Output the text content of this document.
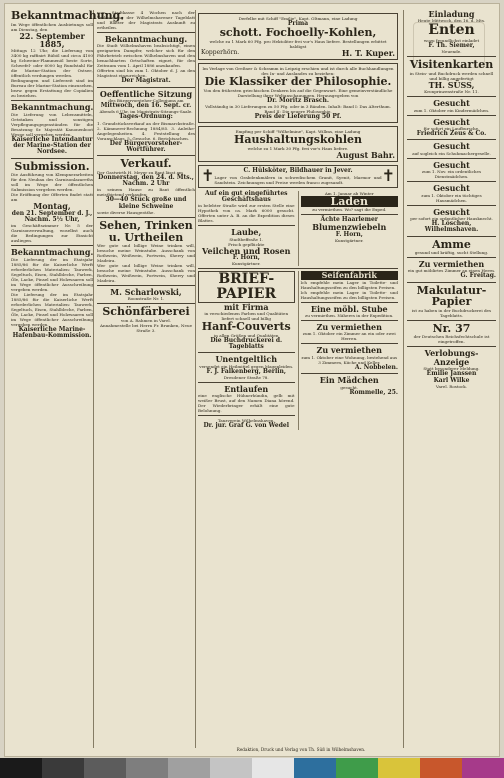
Bekanntmachung.

Im Wege öffentlichen Ausbietungs soll am Dienstag, den

22. September 1885,

Mittags 12 Uhr, die Lieferung von 3400 kg raffinirt Rüböl und circa 4100 kg Schweine-Flammenöl beste Sorte, Schwefel- oder 6000 kg Rundstahl für die Marine-Station der Ostsee, öffentlich verdungen werden.

Bedingungen und Lieferzeit sind im Bureau der Marine-Station einzusehen, bezw. gegen Erstattung der Copialien zu beziehen.

Bekanntmachung.

Die Lieferung von Lebensmitteln, Getränken und sonstigen Verpflegungsgegenständen für die Besatzung Sr. Majestät Kanonenboot Wespe soll vergeben werden.

Kaiserliche Intendantur der Marine-Station der Nordsee.
Submission.

Die Ausführung von Klempnerarbeiten für den Neubau des Garnisonlazareths soll im Wege der öffentlichen Submission vergeben werden.

Die Eröffnung der Offerten findet statt am

Montag,
den 21. September d. J.,
Nachm. 5½ Uhr,

im Geschäftszimmer Nr. 5 der Garnisonverwaltung, woselbst auch die Bedingungen zur Einsicht ausliegen.

Bekanntmachung.

Die Lieferung der im Etatsjahr 1885/86 für die Kaiserliche Werft erforderlichen Materialien: Tauwerk, Segeltuch, Eisen, Stahlbleche, Farben, Öle, Lacke, Pinsel und Holzwaaren soll im Wege öffentlicher Ausschreibung vergeben werden.

Die Lieferung der im Etatsjahr 1885/86 für die Kaiserliche Werft erforderlichen Materialien: Tauwerk, Segeltuch, Eisen, Stahlbleche, Farben, Öle, Lacke, Pinsel und Holzwaaren soll im Wege öffentlicher Ausschreibung vergeben werden.

Kaiserliche Marine-Hafenbau-Kommission.

vom Stadtkasse 4 Wochen nach der Verhandlung der Wilhelmshavener Tageblatt und Blätter der Magistrats Auskunft zu ertheilen.

Bekanntmachung.

Die Stadt Wilhelmshaven beabsichtigt, einen geeigneten Dampfer, welcher sich für den Fährbetrieb zwischen Wilhelmshaven und den benachbarten Ortschaften eignet, für den Zeitraum vom 1. April 1886 anzukaufen.

Offerten sind bis zum 1. Oktober d. J. an den Magistrat einzureichen.

Der Magistrat.
Oeffentliche Sitzung

des Bürgervorsteher-Collegiums am

Mittwoch, den 16. Sept. cr.

Abends 6 Uhr, im Magistrats-Sitzungs-Saale.

Tages-Ordnung:

1. Grundstücksverkauf an der Bismarckstraße. 2. Kämmerei-Rechnung 1884/85. 3. Anleihe-Angelegenheiten. 4. Feststellung des Voranschlags. 5. Gesuche. 6. Berichtsachen.

Der Bürgervorsteher-Wortführer.
Verkauf.

Der Gastwirth H. Meyer zu Bant lässt am

Donnerstag, den 24. d. Mts.,
Nachm. 2 Uhr

in seinem Hause zu Bant öffentlich meistbietend verkaufen:

30—40 Stück große und kleine Schweine

sowie diverse Hausgeräthe.

Sehen, Trinken u. Urtheilen

Wer gute und billige Weine trinken will, besuche meine Weinstube. Ausschank von Rothwein, Weißwein, Portwein, Sherry und Madeira.

Wer gute und billige Weine trinken will, besuche meine Weinstube. Ausschank von Rothwein, Weißwein, Portwein, Sherry und Madeira.

M. Scharlowski,

Roonstraße Nr. 1.

Schönfärberei

von A. Rahmen in Varel.

Annahmestelle bei Herrn Fr. Brunken, Neue Straße 3.

Derfelbe mit Schiff "Emilie", Kapt. Oltmann, eine Ladung

Prima
schott. Fochoelly-Kohlen,

welche zu 1 Mark 60 Pfg. pro Hektoliter frei vor's Haus liefere. Bestellungen erbittet baldigst

Kopperhörn.	H. T. Kuper.

Im Verlage von Greßner & Schramm in Leipzig erschien und ist durch alle Buchhandlungen des In- und Auslandes zu beziehen:

Die Klassiker der Philosophie.

Von den frühesten griechischen Denkern bis auf die Gegenwart. Eine gemeinverständliche Darstellung ihrer Weltanschauungen. Herausgegeben von

Dr. Moritz Brasch.

Vollständig in 30 Lieferungen zu 50 Pfg. oder in 3 Bänden. Inhalt: Band I: Das Alterthum. Band II: Die neuere Philosophie.

Preis der Lieferung 50 Pf.

Empfing per Schiff "Wilhelmine", Kapt. Willms, eine Ladung

Haushaltungskohlen

welche zu 1 Mark 30 Pfg. frei vor's Haus liefere.

August Bahr.
✝	C. Hülsköter, Bildhauer in Jever.

Lager von Grabdenkmälern in schwedischem Granit, Syenit, Marmor und Sandstein. Zeichnungen und Preise werden franco zugesandt.	✝
Auf ein gut eingeführtes Geschäftshaus

in belebter Straße wird zur ersten Stelle eine Hypothek von ca. Mark 6000 gesucht. Offerten unter A. B. an die Expedition dieses Blattes.

Laube,

Stadtbeffraße 1.

Frisch gepflückte

Veilchen und Rosen
F. Horn,

Kunstgärtner.

Am 1. Januar ab Winter

Laden

zu vermiethen. Wo? sagt die Exped.

Ächte Haarlemer
Blumenzwiebeln
F. Horn,

Kunstgärtner.

BRIEF-PAPIER
mit Firma

in verschiedenen Farben und Qualitäten liefert schnell und billig

Hanf-Couverts

in allen Größen und Qualitäten

Die Buchdruckerei d. Tageblatts
Unentgeltlich

versendet ein Heilmittel gegen Magenleiden.

F. J. Falkenberg, Berlin,

Dresdener Straße 78.

Entlaufen

eine englische Hühnerhündin, gelb mit weißer Brust, auf den Namen Diana hörend. Der Wiederbringer erhält eine gute Belohnung.

Tanzverein Wilhelmshaven.

Dr. jur. Graf G. von Wedel
Seifenfabrik

Ich empfehle mein Lager in Toilette- und Haushaltungsseifen zu den billigsten Preisen.

Ich empfehle mein Lager in Toilette- und Haushaltungsseifen zu den billigsten Preisen.

Eine möbl. Stube

zu vermiethen. Näheres in der Expedition.

Zu vermiethen

zum 1. Oktober ein Zimmer an ein oder zwei Herren.

Zu vermiethen

zum 1. Oktober eine Wohnung, bestehend aus 3 Zimmern, Küche und Keller.

A. Nobbelen.
Ein Mädchen

gesucht.

Rommelle, 25.
Einladung

Heute Mittwoch, den 16. d. Mts.

Enten

wozu freundlichst einladet

F. Th. Siemer,

Neuende.

Visitenkarten

in Stein- und Buchdruck werden schnell und billig angefertigt

TH. SÜSS,

Kronprinzenstraße Nr. 11.

Gesucht

zum 1. Oktober ein Kindermädchen.

Gesucht

für sofort ein Laufbursche.

Friedrich Zeus & Co.
Gesucht

auf sogleich ein Schuhmachergeselle.

Gesucht

zum 1. Nov. ein ordentliches Dienstmädchen.

Gesucht

zum 1. Oktober ein tüchtiges Hausmädchen.

Gesucht

per sofort ein ordentlicher Hausknecht.

H. Löschen, Wilhelmshaven.
Amme

gesund und kräftig, sucht Stellung.

Zu vermiethen

ein gut möblirtes Zimmer an einen Herrn.

G. Freitag.
Makulatur-Papier

ist zu haben in der Buchdruckerei des Tageblatts.

Nr. 37

der Deutschen Reichsfechtschule ist eingetroffen.

Verlobungs-Anzeige

Statt besonderer Meldung.

Emilie Janssen
Karl Wilke

Varel. Rostock.

Redaktion, Druck und Verlag von Th. Süß in Wilhelmshaven.
